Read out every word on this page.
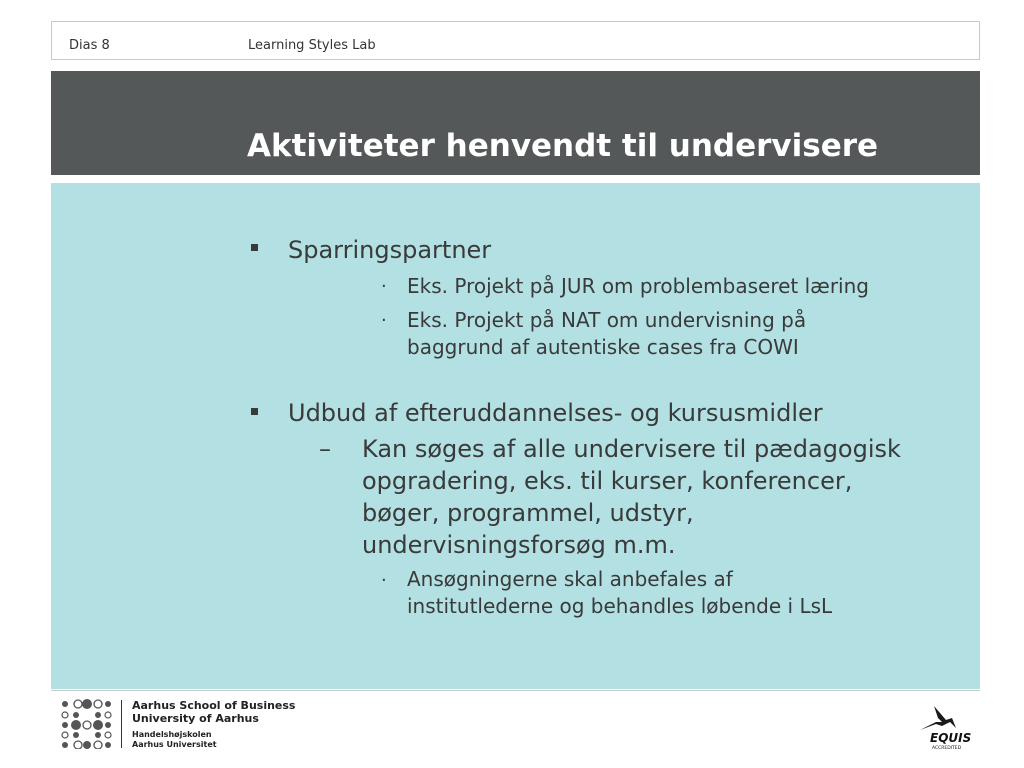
Dias 8	Learning Styles Lab
Aktiviteter henvendt til undervisere
Sparringspartner
· Eks. Projekt på JUR om problembaseret læring
· Eks. Projekt på NAT om undervisning på
baggrund af autentiske cases fra COWI
Udbud af efteruddannelses- og kursusmidler
– Kan søges af alle undervisere til pædagogisk
opgradering, eks. til kurser, konferencer,
bøger, programmel, udstyr,
undervisningsforsøg m.m.
· Ansøgningerne skal anbefales af
institutlederne og behandles løbende i LsL
Aarhus School of Business
University of Aarhus
Handelshøjskolen
Aarhus Universitet	EQUIS
ACCREDITED
